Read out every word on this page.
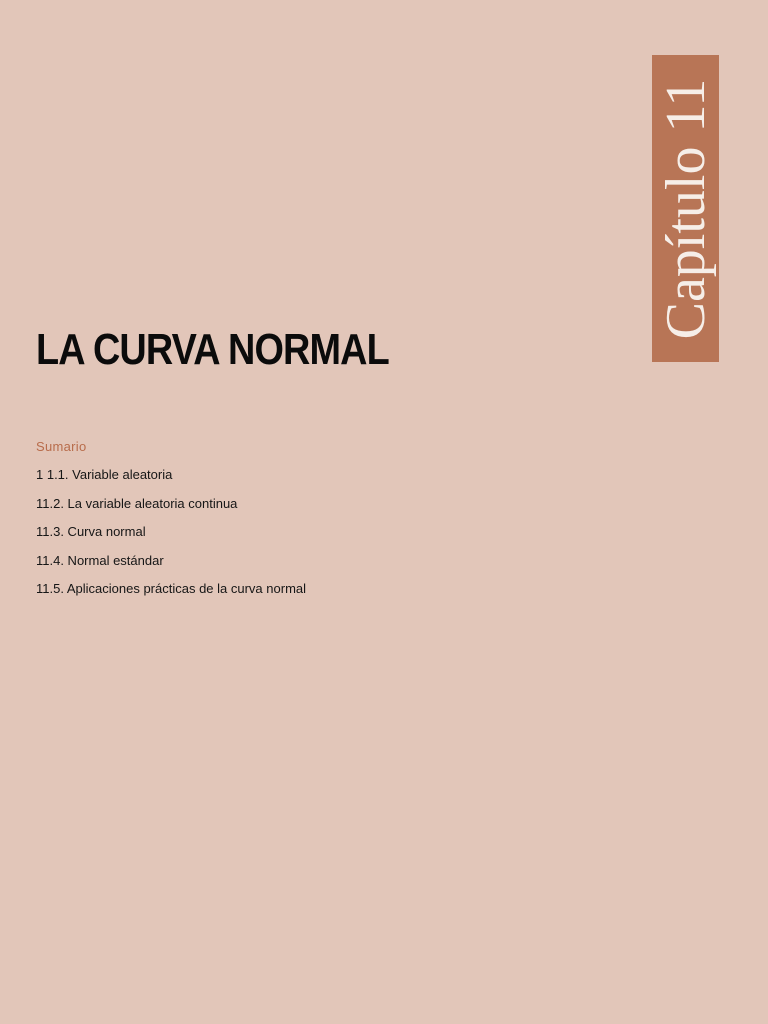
Capítulo 11
LA CURVA NORMAL
Sumario
1 1.1. Variable aleatoria
11.2. La variable aleatoria continua
11.3. Curva normal
11.4. Normal estándar
11.5. Aplicaciones prácticas de la curva normal
